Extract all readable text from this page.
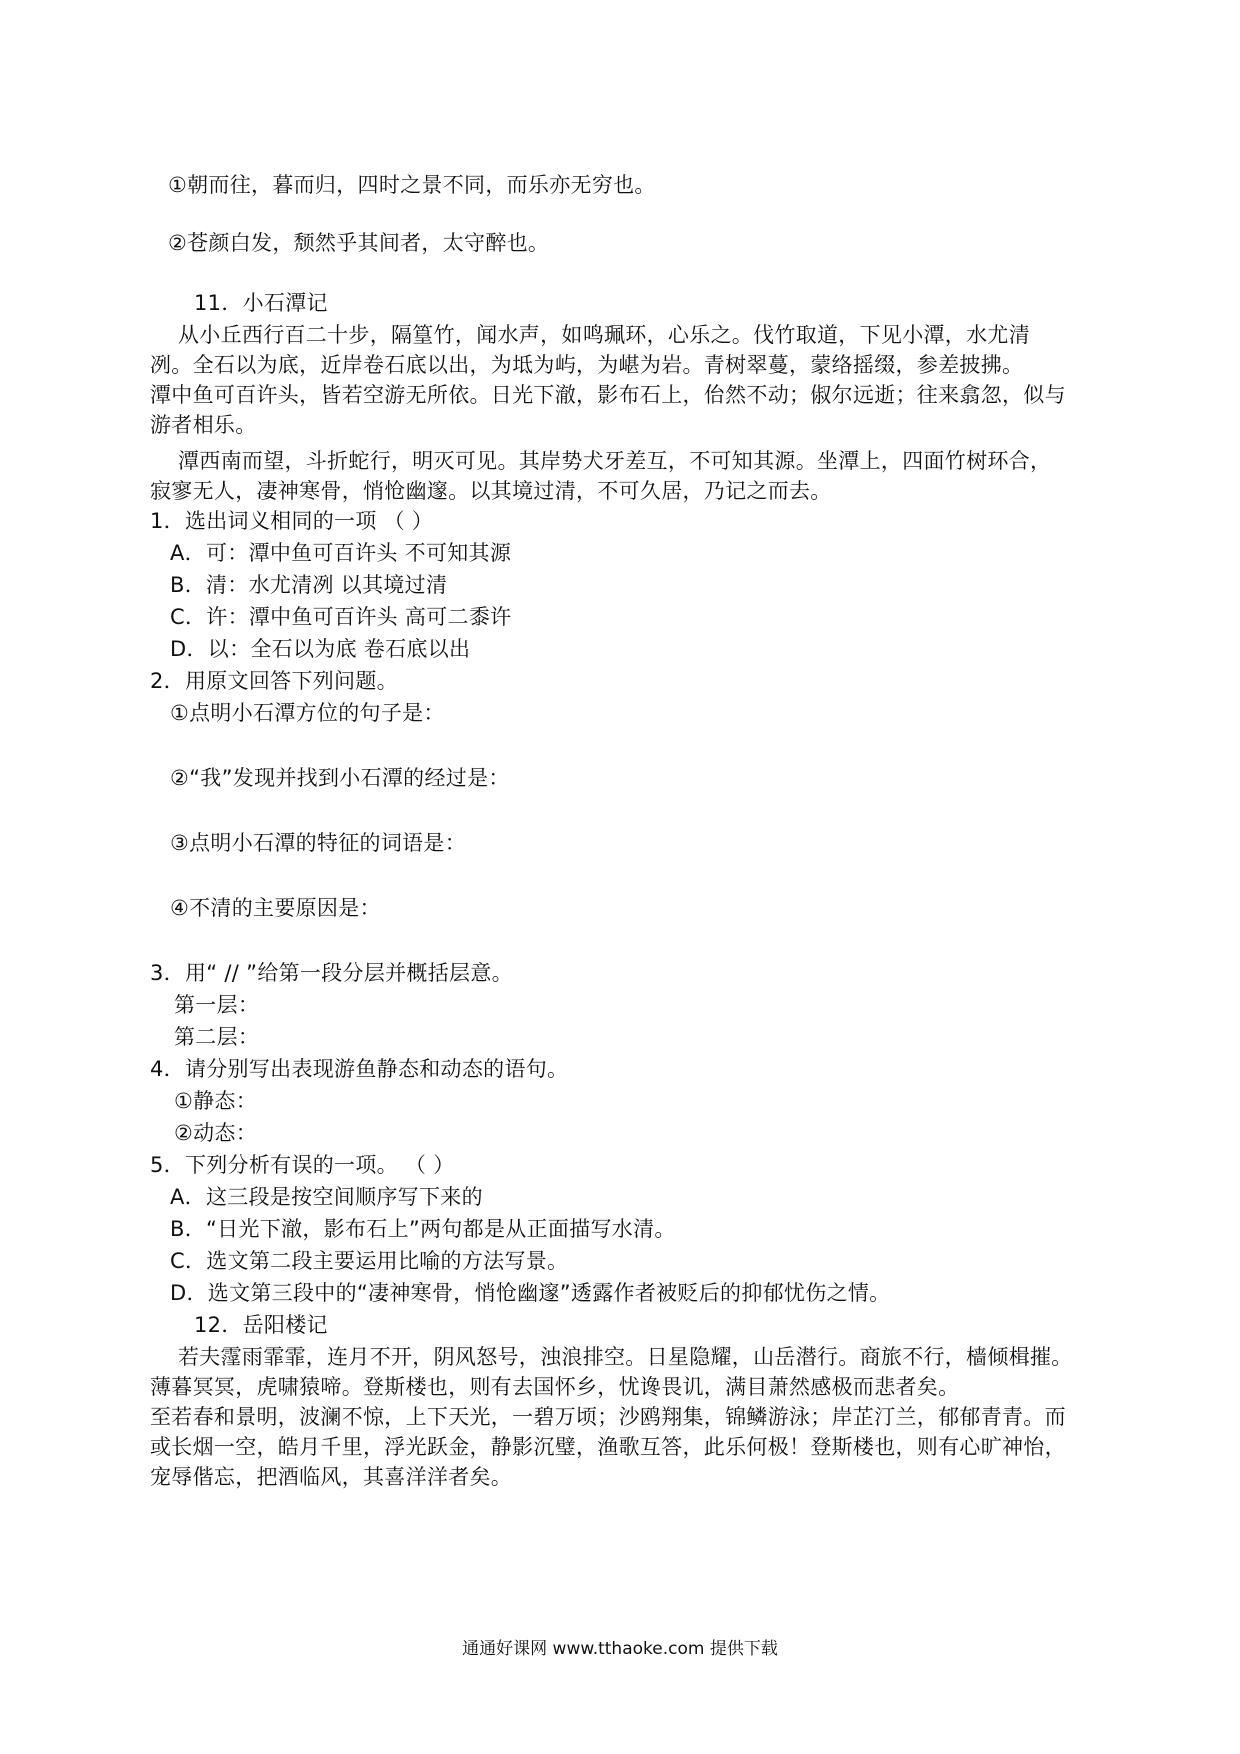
①朝而往，暮而归，四时之景不同，而乐亦无穷也。
②苍颜白发，颓然乎其间者，太守醉也。
11．小石潭记
从小丘西行百二十步，隔篁竹，闻水声，如鸣珮环，心乐之。伐竹取道，下见小潭，水尤清
冽。全石以为底，近岸卷石底以出，为坻为屿，为嵁为岩。青树翠蔓，蒙络摇缀，参差披拂。
潭中鱼可百许头，皆若空游无所依。日光下澈，影布石上，佁然不动；俶尔远逝；往来翕忽，似与
游者相乐。
潭西南而望，斗折蛇行，明灭可见。其岸势犬牙差互，不可知其源。坐潭上，四面竹树环合，
寂寥无人，凄神寒骨，悄怆幽邃。以其境过清，不可久居，乃记之而去。
1．选出词义相同的一项 （ ）
A．可：潭中鱼可百许头 不可知其源
B．清：水尤清冽 以其境过清
C．许：潭中鱼可百许头 高可二黍许
D．以：全石以为底 卷石底以出
2．用原文回答下列问题。
①点明小石潭方位的句子是：
②“我”发现并找到小石潭的经过是：
③点明小石潭的特征的词语是：
④不清的主要原因是：
3．用“ // ”给第一段分层并概括层意。
第一层：
第二层：
4．请分别写出表现游鱼静态和动态的语句。
①静态：
②动态：
5．下列分析有误的一项。 （ ）
A．这三段是按空间顺序写下来的
B．“日光下澈，影布石上”两句都是从正面描写水清。
C．选文第二段主要运用比喻的方法写景。
D．选文第三段中的“凄神寒骨，悄怆幽邃”透露作者被贬后的抑郁忧伤之情。
12．岳阳楼记
若夫霪雨霏霏，连月不开，阴风怒号，浊浪排空。日星隐耀，山岳潜行。商旅不行，樯倾楫摧。
薄暮冥冥，虎啸猿啼。登斯楼也，则有去国怀乡，忧谗畏讥，满目萧然感极而悲者矣。
至若春和景明，波澜不惊，上下天光，一碧万顷；沙鸥翔集，锦鳞游泳；岸芷汀兰，郁郁青青。而
或长烟一空，皓月千里，浮光跃金，静影沉璧，渔歌互答，此乐何极！登斯楼也，则有心旷神怡，
宠辱偕忘，把酒临风，其喜洋洋者矣。
通通好课网 www.tthaoke.com 提供下载
